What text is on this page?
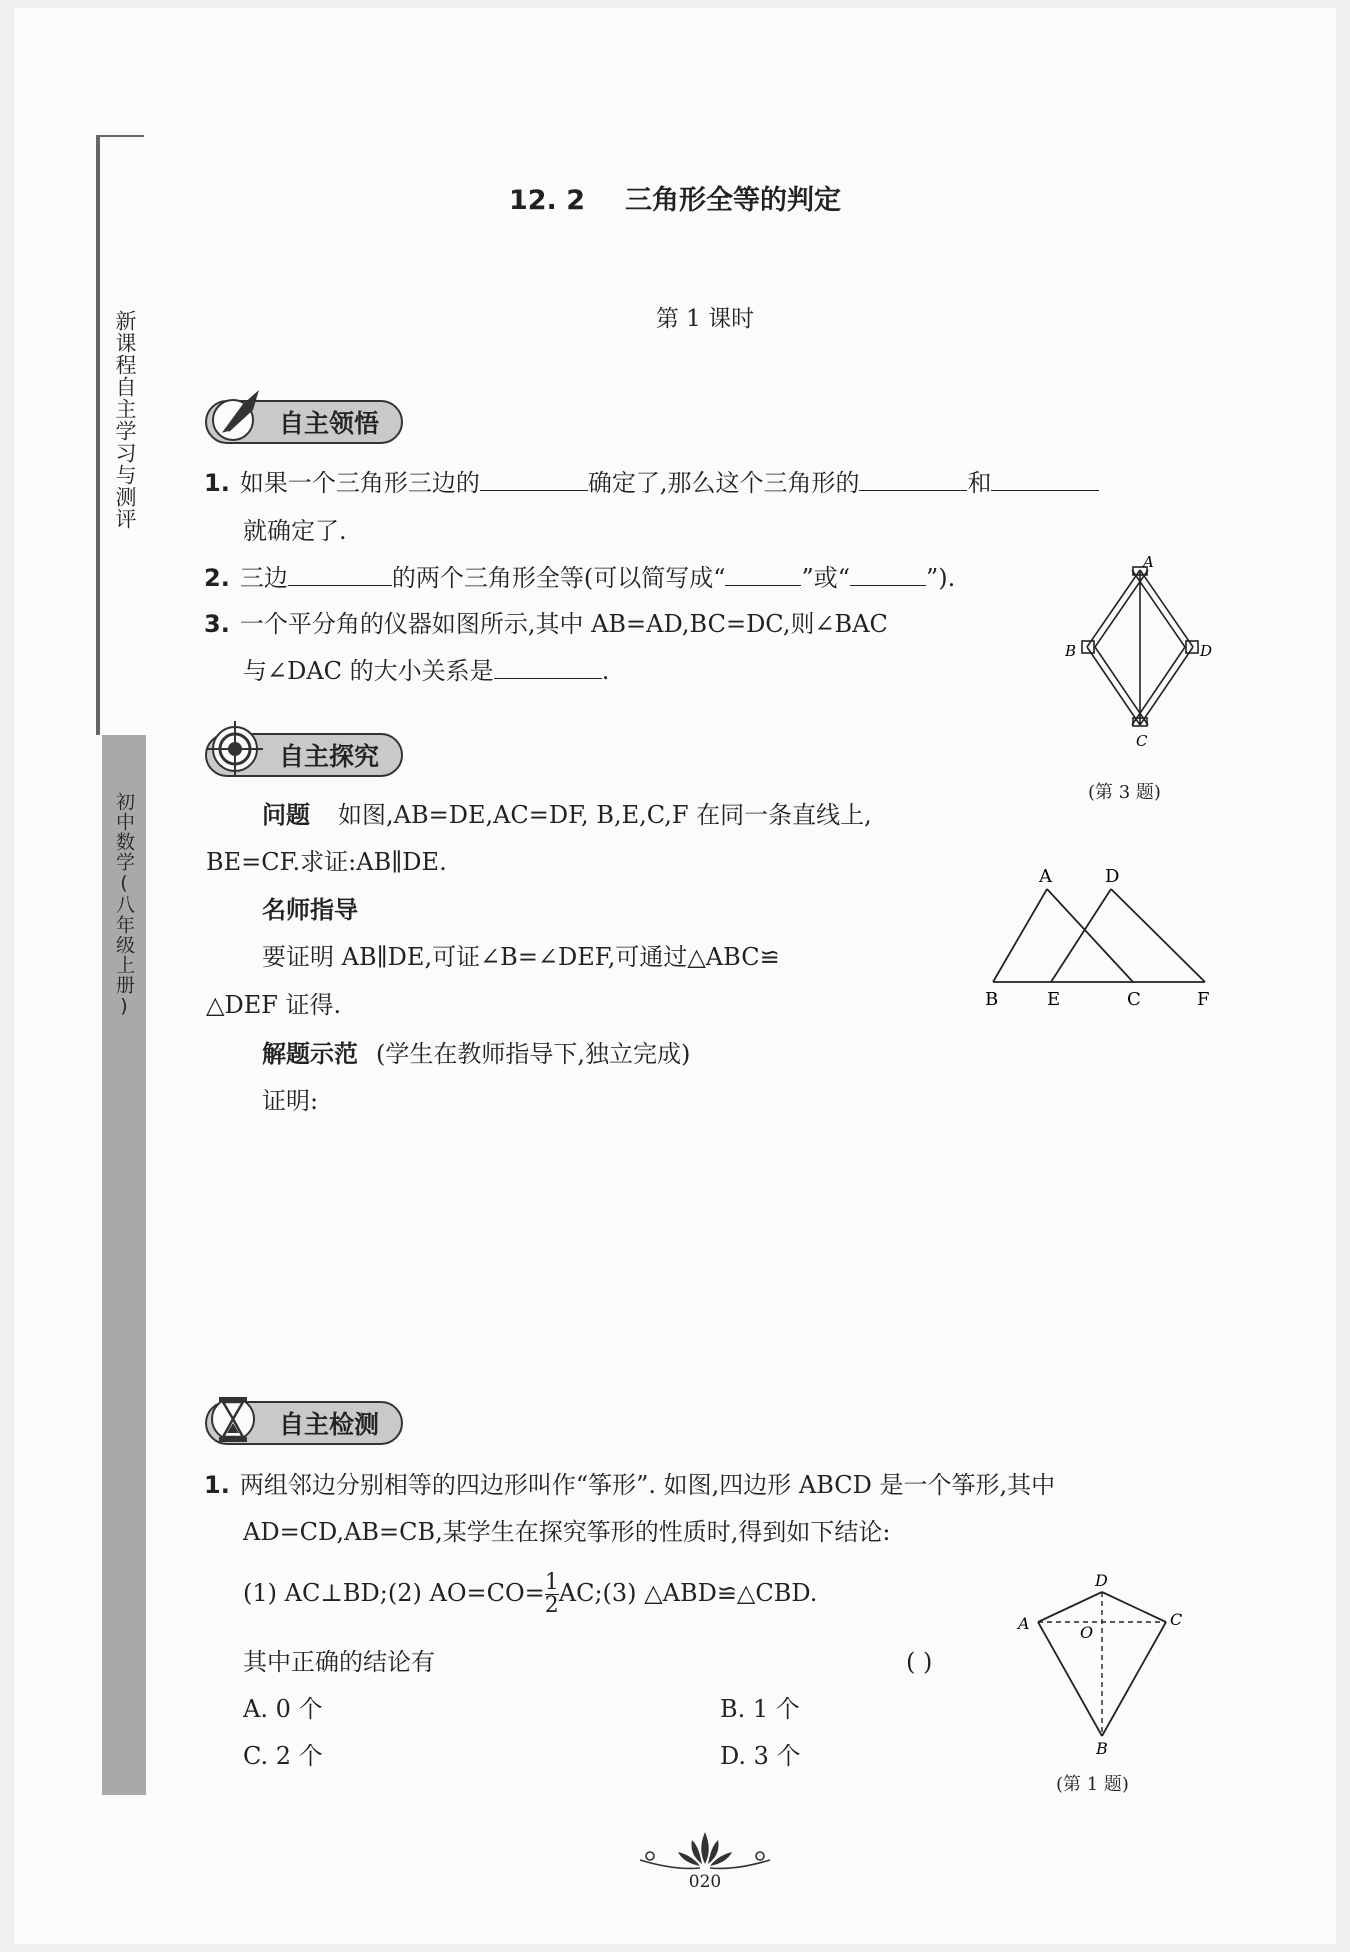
新课程自主学习与测评
初中数学(八年级上册)
12. 2 三角形全等的判定
第 1 课时
自主领悟
1. 如果一个三角形三边的	确定了,那么这个三角形的	和
就确定了.
2. 三边	的两个三角形全等(可以简写成“	”或“	”).
3. 一个平分角的仪器如图所示,其中 AB=AD,BC=DC,则∠BAC
与∠DAC 的大小关系是	.
A
B
C
D
(第 3 题)
自主探究
问题 如图,AB=DE,AC=DF, B,E,C,F 在同一条直线上,
BE=CF.求证:AB∥DE.
名师指导
要证明 AB∥DE,可证∠B=∠DEF,可通过△ABC≌
△DEF 证得.
解题示范 (学生在教师指导下,独立完成)
证明:
A	D
B	E	C	F
自主检测
1. 两组邻边分别相等的四边形叫作“筝形”. 如图,四边形 ABCD 是一个筝形,其中
AD=CD,AB=CB,某学生在探究筝形的性质时,得到如下结论:
(1) AC⊥BD;(2) $AO=CO= \frac{1}{2}$ AC;(3) △ABD≌△CBD.
其中正确的结论有	( )
A. 0 个	B. 1 个
C. 2 个	D. 3 个
D
A	O
C
B
(第 1 题)
020
